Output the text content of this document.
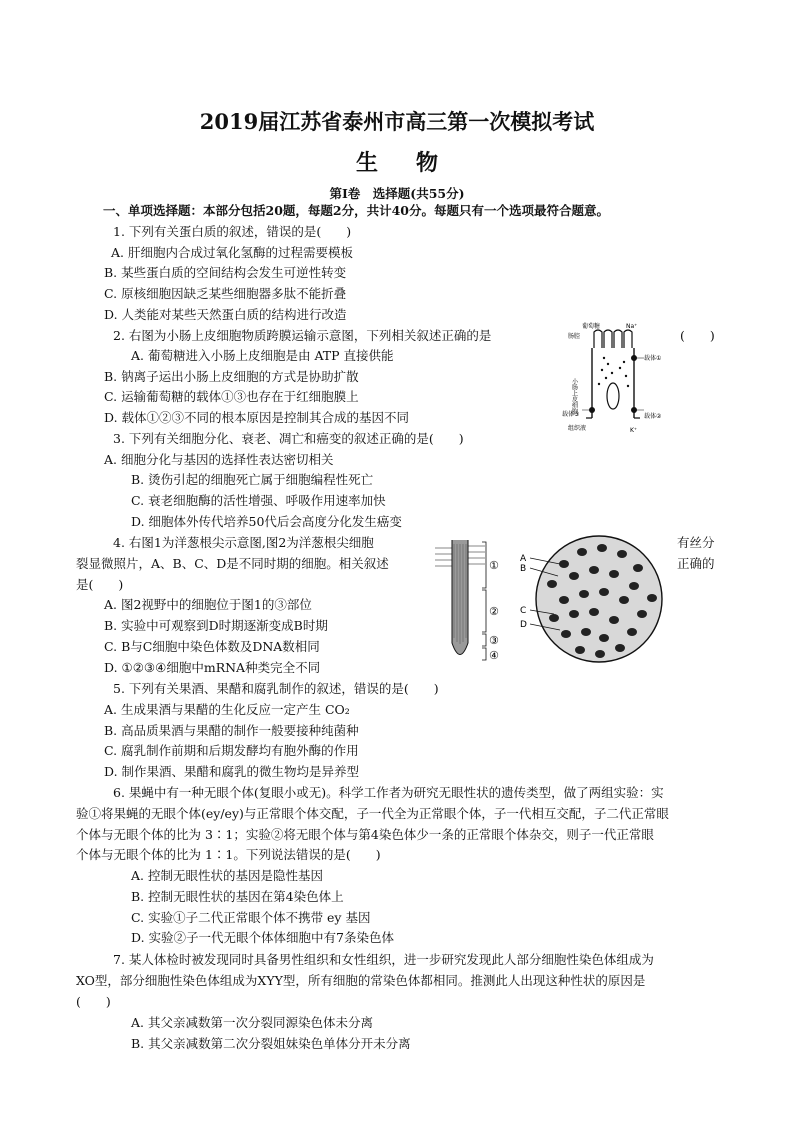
2019届江苏省泰州市高三第一次模拟考试
生物
第Ⅰ卷　选择题(共55分)
一、单项选择题：本部分包括20题，每题2分，共计40分。每题只有一个选项最符合题意。
1. 下列有关蛋白质的叙述，错误的是(　　)
A. 肝细胞内合成过氧化氢酶的过程需要模板
B. 某些蛋白质的空间结构会发生可逆性转变
C. 原核细胞因缺乏某些细胞器多肽不能折叠
D. 人类能对某些天然蛋白质的结构进行改造
2. 右图为小肠上皮细胞物质跨膜运输示意图，下列相关叙述正确的是	(　　)
A. 葡萄糖进入小肠上皮细胞是由 ATP 直接供能
B. 钠离子运出小肠上皮细胞的方式是协助扩散
C. 运输葡萄糖的载体①③也存在于红细胞膜上
D. 载体①②③不同的根本原因是控制其合成的基因不同
葡萄糖	Na⁺
肠腔
载体①
载体②
载体③
小肠上皮细胞
组织液	K⁺
3. 下列有关细胞分化、衰老、凋亡和癌变的叙述正确的是(　　)
A. 细胞分化与基因的选择性表达密切相关
B. 烫伤引起的细胞死亡属于细胞编程性死亡
C. 衰老细胞酶的活性增强、呼吸作用速率加快
D. 细胞体外传代培养50代后会高度分化发生癌变
4. 右图1为洋葱根尖示意图,图2为洋葱根尖细胞	有丝分
裂显微照片，A、B、C、D是不同时期的细胞。相关叙述	正确的
是(　　)
A. 图2视野中的细胞位于图1的③部位
B. 实验中可观察到D时期逐渐变成B时期
C. B与C细胞中染色体数及DNA数相同
D. ①②③④细胞中mRNA种类完全不同
①
②
③
④
A
B
C
D
5. 下列有关果酒、果醋和腐乳制作的叙述，错误的是(　　)
A. 生成果酒与果醋的生化反应一定产生 CO₂
B. 高品质果酒与果醋的制作一般要接种纯菌种
C. 腐乳制作前期和后期发酵均有胞外酶的作用
D. 制作果酒、果醋和腐乳的微生物均是异养型
6. 果蝇中有一种无眼个体(复眼小或无)。科学工作者为研究无眼性状的遗传类型，做了两组实验：实
验①将果蝇的无眼个体(ey/ey)与正常眼个体交配，子一代全为正常眼个体，子一代相互交配，子二代正常眼
个体与无眼个体的比为 3∶1；实验②将无眼个体与第4染色体少一条的正常眼个体杂交，则子一代正常眼
个体与无眼个体的比为 1∶1。下列说法错误的是(　　)
A. 控制无眼性状的基因是隐性基因
B. 控制无眼性状的基因在第4染色体上
C. 实验①子二代正常眼个体不携带 ey 基因
D. 实验②子一代无眼个体体细胞中有7条染色体
7. 某人体检时被发现同时具备男性组织和女性组织，进一步研究发现此人部分细胞性染色体组成为
XO型，部分细胞性染色体组成为XYY型，所有细胞的常染色体都相同。推测此人出现这种性状的原因是
(　　)
A. 其父亲减数第一次分裂同源染色体未分离
B. 其父亲减数第二次分裂姐妹染色单体分开未分离
